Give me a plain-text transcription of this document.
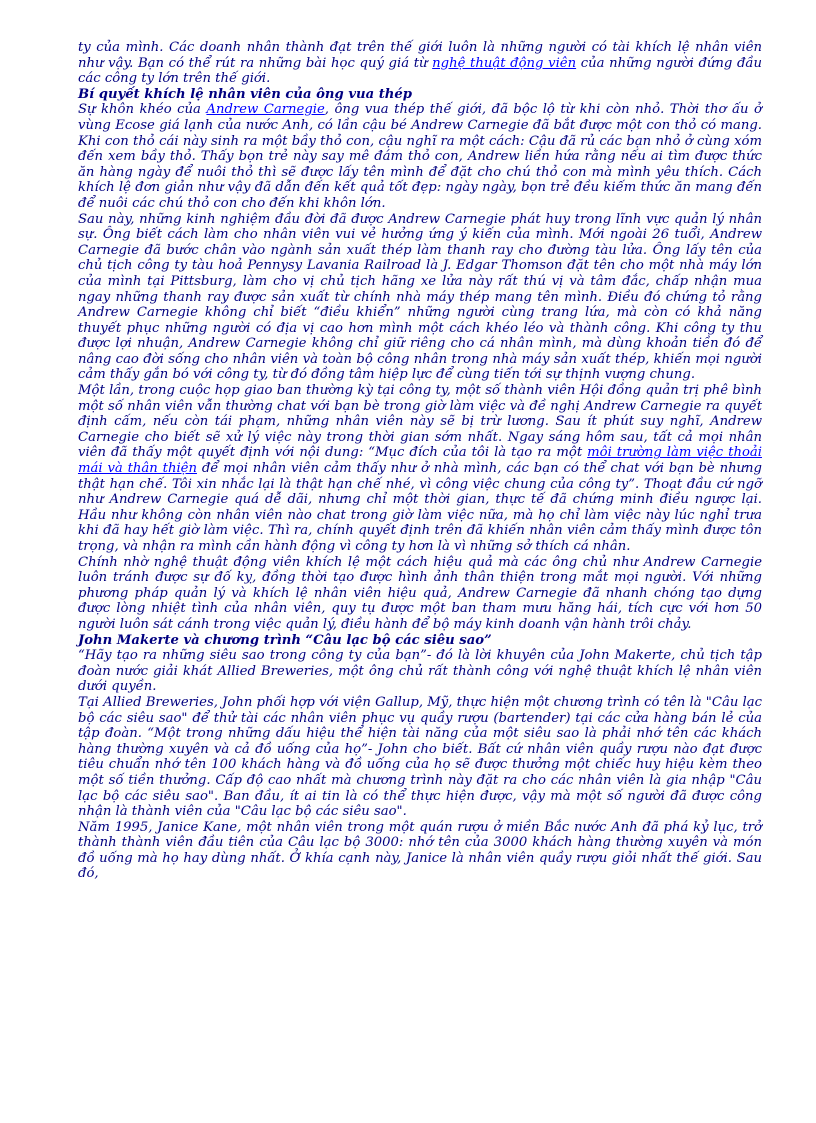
ty của mình. Các doanh nhân thành đạt trên thế giới luôn là những người có tài khích lệ nhân viên như vậy. Bạn có thể rút ra những bài học quý giá từ nghệ thuật động viên của những người đứng đầu các công ty lớn trên thế giới.

Bí quyết khích lệ nhân viên của ông vua thép

Sự khôn khéo của Andrew Carnegie, ông vua thép thế giới, đã bộc lộ từ khi còn nhỏ. Thời thơ ấu ở vùng Ecose giá lạnh của nước Anh, có lần cậu bé Andrew Carnegie đã bắt được một con thỏ có mang. Khi con thỏ cái này sinh ra một bầy thỏ con, cậu nghĩ ra một cách: Cậu đã rủ các bạn nhỏ ở cùng xóm đến xem bầy thỏ. Thấy bọn trẻ này say mê đám thỏ con, Andrew liền hứa rằng nếu ai tìm được thức ăn hàng ngày để nuôi thỏ thì sẽ được lấy tên mình để đặt cho chú thỏ con mà mình yêu thích. Cách khích lệ đơn giản như vậy đã dẫn đến kết quả tốt đẹp: ngày ngày, bọn trẻ đều kiếm thức ăn mang đến để nuôi các chú thỏ con cho đến khi khôn lớn.

Sau này, những kinh nghiệm đầu đời đã được Andrew Carnegie phát huy trong lĩnh vực quản lý nhân sự. Ông biết cách làm cho nhân viên vui vẻ hưởng ứng ý kiến của mình. Mới ngoài 26 tuổi, Andrew Carnegie đã bước chân vào ngành sản xuất thép làm thanh ray cho đường tàu lửa. Ông lấy tên của chủ tịch công ty tàu hoả Pennysy Lavania Railroad là J. Edgar Thomson đặt tên cho một nhà máy lớn của mình tại Pittsburg, làm cho vị chủ tịch hãng xe lửa này rất thú vị và tâm đắc, chấp nhận mua ngay những thanh ray được sản xuất từ chính nhà máy thép mang tên mình. Điều đó chứng tỏ rằng Andrew Carnegie không chỉ biết “điều khiển” những người cùng trang lứa, mà còn có khả năng thuyết phục những người có địa vị cao hơn mình một cách khéo léo và thành công. Khi công ty thu được lợi nhuận, Andrew Carnegie không chỉ giữ riêng cho cá nhân mình, mà dùng khoản tiền đó để nâng cao đời sống cho nhân viên và toàn bộ công nhân trong nhà máy sản xuất thép, khiến mọi người cảm thấy gắn bó với công ty, từ đó đồng tâm hiệp lực để cùng tiến tới sự thịnh vượng chung.

Một lần, trong cuộc họp giao ban thường kỳ tại công ty, một số thành viên Hội đồng quản trị phê bình một số nhân viên vẫn thường chat với bạn bè trong giờ làm việc và đề nghị Andrew Carnegie ra quyết định cấm, nếu còn tái phạm, những nhân viên này sẽ bị trừ lương. Sau ít phút suy nghĩ, Andrew Carnegie cho biết sẽ xử lý việc này trong thời gian sớm nhất. Ngay sáng hôm sau, tất cả mọi nhân viên đã thấy một quyết định với nội dung: “Mục đích của tôi là tạo ra một môi trường làm việc thoải mái và thân thiện để mọi nhân viên cảm thấy như ở nhà mình, các bạn có thể chat với bạn bè nhưng thật hạn chế. Tôi xin nhắc lại là thật hạn chế nhé, vì công việc chung của công ty”. Thoạt đầu cứ ngỡ như Andrew Carnegie quá dễ dãi, nhưng chỉ một thời gian, thực tế đã chứng minh điều ngược lại. Hầu như không còn nhân viên nào chat trong giờ làm việc nữa, mà họ chỉ làm việc này lúc nghỉ trưa khi đã hay hết giờ làm việc. Thì ra, chính quyết định trên đã khiến nhân viên cảm thấy mình được tôn trọng, và nhận ra mình cần hành động vì công ty hơn là vì những sở thích cá nhân.

Chính nhờ nghệ thuật động viên khích lệ một cách hiệu quả mà các ông chủ như Andrew Carnegie luôn tránh được sự đố kỵ, đồng thời tạo được hình ảnh thân thiện trong mắt mọi người. Với những phương pháp quản lý và khích lệ nhân viên hiệu quả, Andrew Carnegie đã nhanh chóng tạo dựng được lòng nhiệt tình của nhân viên, quy tụ được một ban tham mưu hăng hái, tích cực với hơn 50 người luôn sát cánh trong việc quản lý, điều hành để bộ máy kinh doanh vận hành trôi chảy.

John Makerte và chương trình “Câu lạc bộ các siêu sao”

“Hãy tạo ra những siêu sao trong công ty của bạn”- đó là lời khuyên của John Makerte, chủ tịch tập đoàn nước giải khát Allied Breweries, một ông chủ rất thành công với nghệ thuật khích lệ nhân viên dưới quyền.

Tại Allied Breweries, John phối hợp với viện Gallup, Mỹ, thực hiện một chương trình có tên là "Câu lạc bộ các siêu sao" để thử tài các nhân viên phục vụ quầy rượu (bartender) tại các cửa hàng bán lẻ của tập đoàn. “Một trong những dấu hiệu thể hiện tài năng của một siêu sao là phải nhớ tên các khách hàng thường xuyên và cả đồ uống của họ”- John cho biết. Bất cứ nhân viên quầy rượu nào đạt được tiêu chuẩn nhớ tên 100 khách hàng và đồ uống của họ sẽ được thưởng một chiếc huy hiệu kèm theo một số tiền thưởng. Cấp độ cao nhất mà chương trình này đặt ra cho các nhân viên là gia nhập "Câu lạc bộ các siêu sao". Ban đầu, ít ai tin là có thể thực hiện được, vậy mà một số người đã được công nhận là thành viên của "Câu lạc bộ các siêu sao".

Năm 1995, Janice Kane, một nhân viên trong một quán rượu ở miền Bắc nước Anh đã phá kỷ lục, trở thành thành viên đầu tiên của Câu lạc bộ 3000: nhớ tên của 3000 khách hàng thường xuyên và món đồ uống mà họ hay dùng nhất. Ở khía cạnh này, Janice là nhân viên quầy rượu giỏi nhất thế giới. Sau đó,
